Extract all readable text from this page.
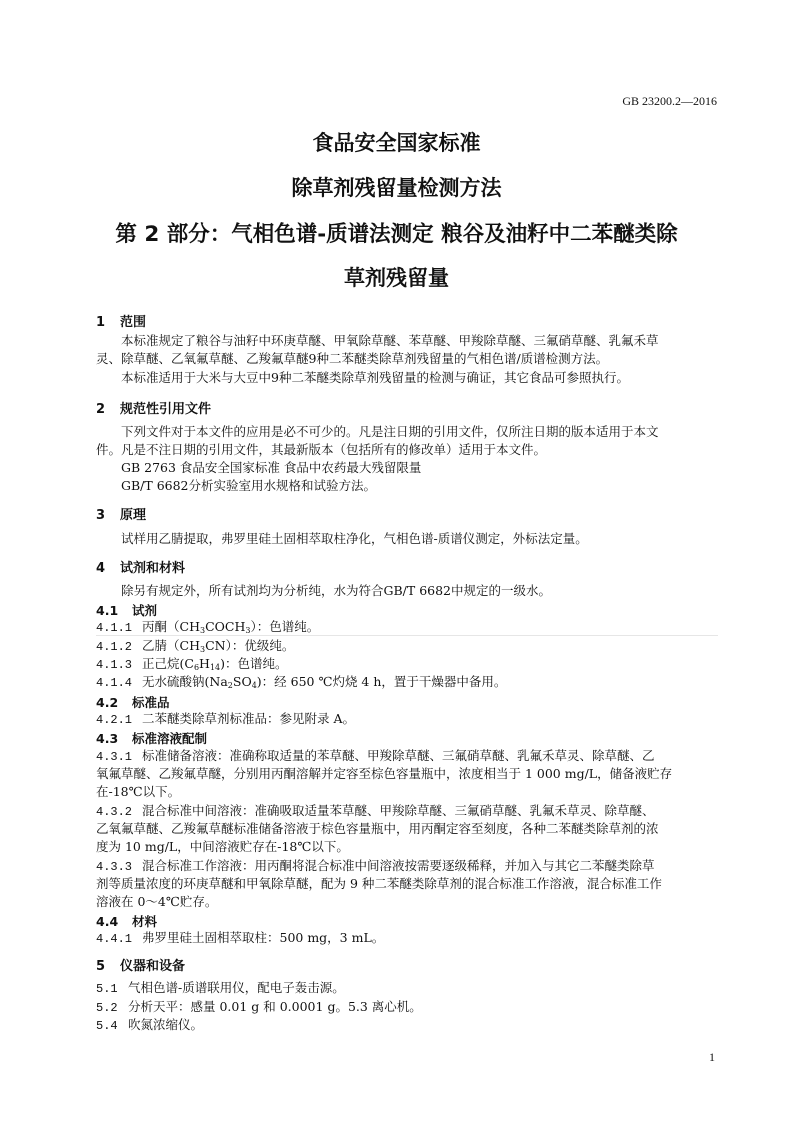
GB 23200.2—2016
食品安全国家标准
除草剂残留量检测方法
第 2 部分：气相色谱-质谱法测定 粮谷及油籽中二苯醚类除
草剂残留量
1 范围
本标准规定了粮谷与油籽中环庚草醚、甲氧除草醚、苯草醚、甲羧除草醚、三氟硝草醚、乳氟禾草
灵、除草醚、乙氧氟草醚、乙羧氟草醚9种二苯醚类除草剂残留量的气相色谱/质谱检测方法。
本标准适用于大米与大豆中9种二苯醚类除草剂残留量的检测与确证，其它食品可参照执行。
2 规范性引用文件
下列文件对于本文件的应用是必不可少的。凡是注日期的引用文件，仅所注日期的版本适用于本文
件。凡是不注日期的引用文件，其最新版本（包括所有的修改单）适用于本文件。
GB 2763 食品安全国家标准 食品中农药最大残留限量
GB/T 6682分析实验室用水规格和试验方法。
3 原理
试样用乙腈提取，弗罗里硅土固相萃取柱净化，气相色谱-质谱仪测定，外标法定量。
4 试剂和材料
除另有规定外，所有试剂均为分析纯，水为符合GB/T 6682中规定的一级水。
4.1 试剂
4.1.1 丙酮$(CH_3COCH_3)$：色谱纯。
4.1.2 乙腈$(CH_3CN)$：优级纯。
4.1.3 正己烷$(C_6H_{14})$：色谱纯。
4.1.4 无水硫酸钠$(Na_2SO_4)$：经 650 ℃灼烧 4 h，置于干燥器中备用。
4.2 标准品
4.2.1 二苯醚类除草剂标准品：参见附录 A。
4.3 标准溶液配制
4.3.1 标准储备溶液：准确称取适量的苯草醚、甲羧除草醚、三氟硝草醚、乳氟禾草灵、除草醚、乙
氧氟草醚、乙羧氟草醚，分别用丙酮溶解并定容至棕色容量瓶中，浓度相当于 1 000 mg/L，储备液贮存
在-18℃以下。
4.3.2 混合标准中间溶液：准确吸取适量苯草醚、甲羧除草醚、三氟硝草醚、乳氟禾草灵、除草醚、
乙氧氟草醚、乙羧氟草醚标准储备溶液于棕色容量瓶中，用丙酮定容至刻度，各种二苯醚类除草剂的浓
度为 10 mg/L，中间溶液贮存在-18℃以下。
4.3.3 混合标准工作溶液：用丙酮将混合标准中间溶液按需要逐级稀释，并加入与其它二苯醚类除草
剂等质量浓度的环庚草醚和甲氧除草醚，配为 9 种二苯醚类除草剂的混合标准工作溶液，混合标准工作
溶液在 0～4℃贮存。
4.4 材料
4.4.1 弗罗里硅土固相萃取柱：500 mg，3 mL。
5 仪器和设备
5.1 气相色谱-质谱联用仪，配电子轰击源。
5.2 分析天平：感量 0.01 g 和 0.0001 g。5.3 离心机。
5.4 吹氮浓缩仪。
1
